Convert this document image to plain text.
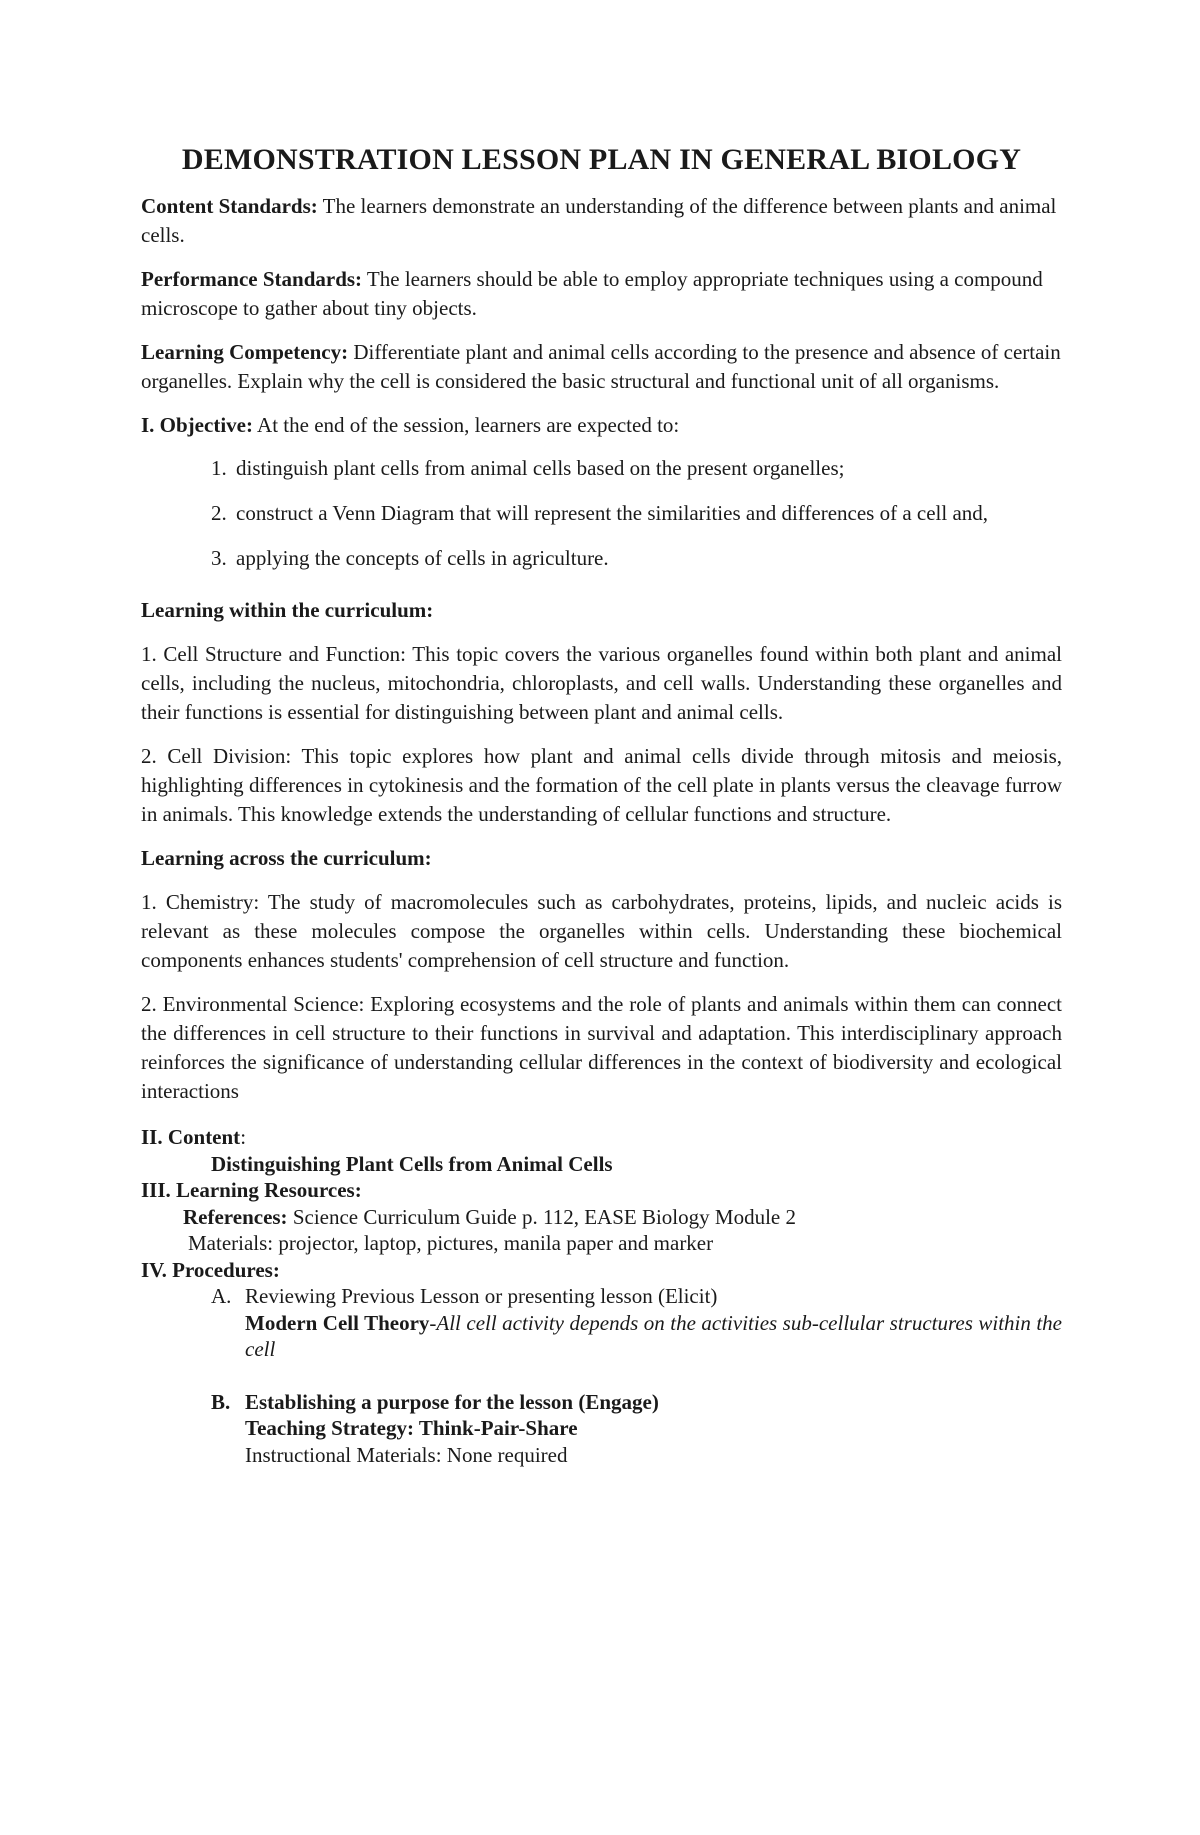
DEMONSTRATION LESSON PLAN IN GENERAL BIOLOGY

Content Standards: The learners demonstrate an understanding of the difference between plants and animal cells.

Performance Standards: The learners should be able to employ appropriate techniques using a compound microscope to gather about tiny objects.

Learning Competency: Differentiate plant and animal cells according to the presence and absence of certain organelles. Explain why the cell is considered the basic structural and functional unit of all organisms.

I. Objective: At the end of the session, learners are expected to:

1. distinguish plant cells from animal cells based on the present organelles;
2. construct a Venn Diagram that will represent the similarities and differences of a cell and,
3. applying the concepts of cells in agriculture.

Learning within the curriculum:

1. Cell Structure and Function: This topic covers the various organelles found within both plant and animal cells, including the nucleus, mitochondria, chloroplasts, and cell walls. Understanding these organelles and their functions is essential for distinguishing between plant and animal cells.

2. Cell Division: This topic explores how plant and animal cells divide through mitosis and meiosis, highlighting differences in cytokinesis and the formation of the cell plate in plants versus the cleavage furrow in animals. This knowledge extends the understanding of cellular functions and structure.

Learning across the curriculum:

1. Chemistry: The study of macromolecules such as carbohydrates, proteins, lipids, and nucleic acids is relevant as these molecules compose the organelles within cells. Understanding these biochemical components enhances students' comprehension of cell structure and function.

2. Environmental Science: Exploring ecosystems and the role of plants and animals within them can connect the differences in cell structure to their functions in survival and adaptation. This interdisciplinary approach reinforces the significance of understanding cellular differences in the context of biodiversity and ecological interactions

II. Content:

Distinguishing Plant Cells from Animal Cells

III. Learning Resources:

References: Science Curriculum Guide p. 112, EASE Biology Module 2

Materials: projector, laptop, pictures, manila paper and marker

IV. Procedures:

A. Reviewing Previous Lesson or presenting lesson (Elicit)

Modern Cell Theory-All cell activity depends on the activities sub-cellular structures within the cell

B. Establishing a purpose for the lesson (Engage)

Teaching Strategy: Think-Pair-Share

Instructional Materials: None required
